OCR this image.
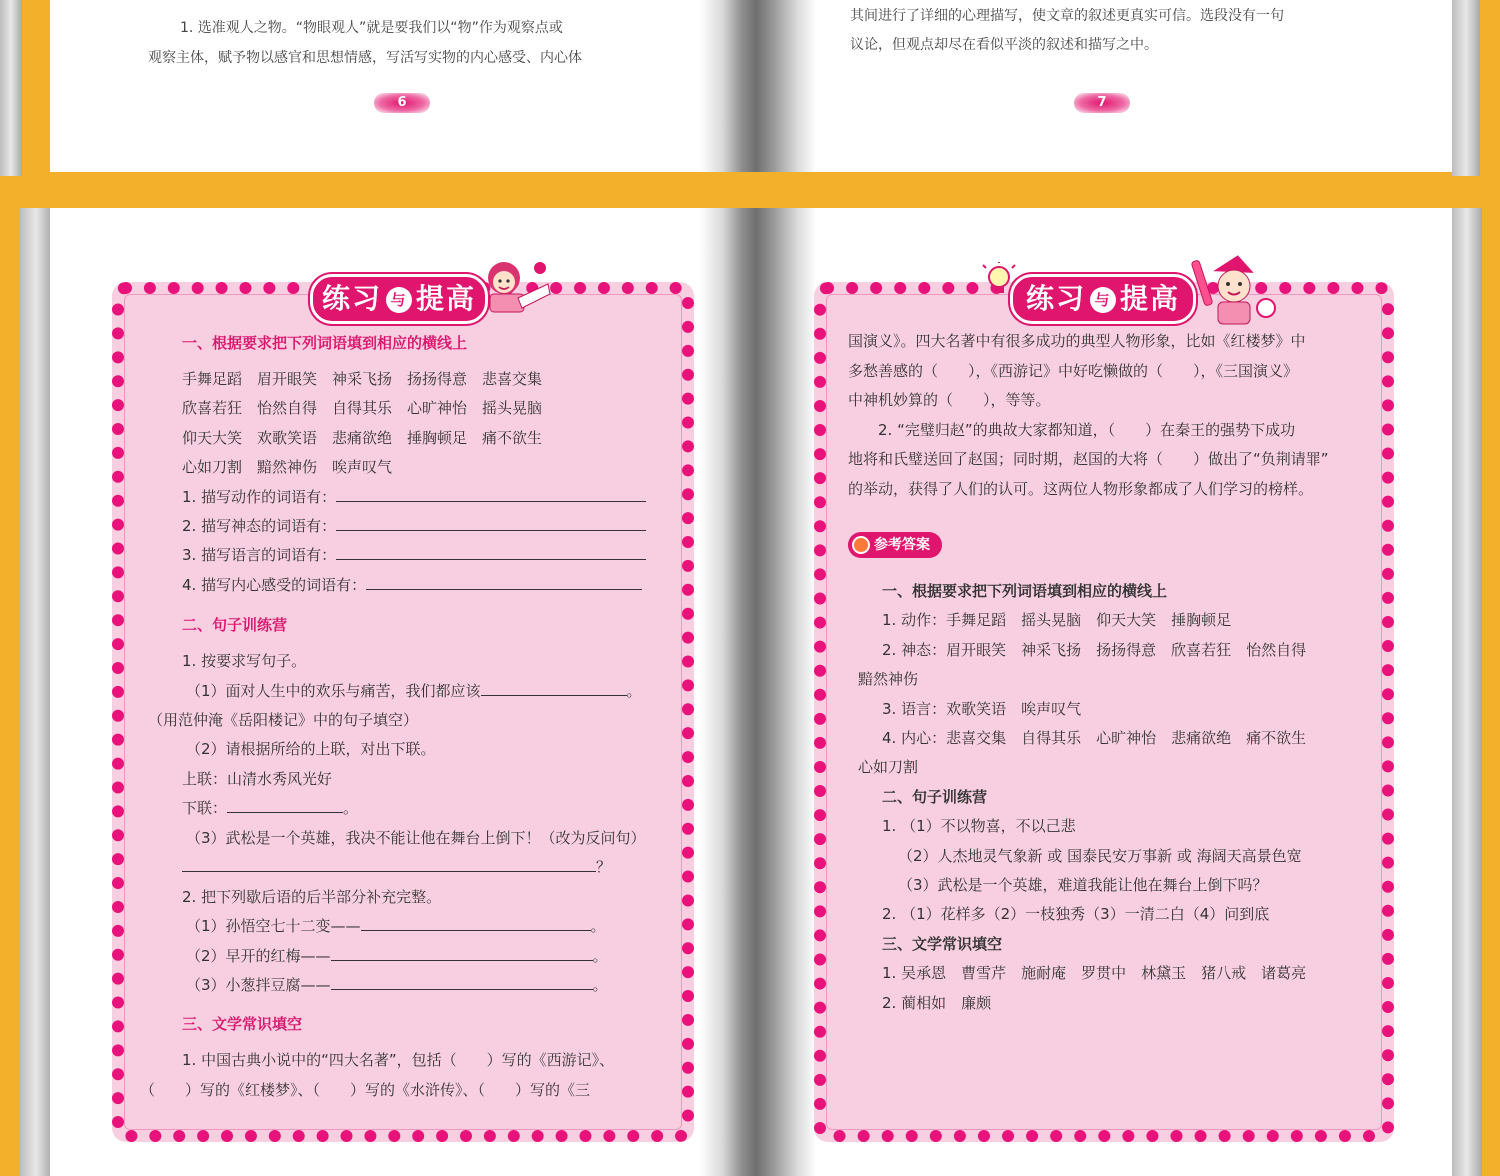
1. 选准观人之物。“物眼观人”就是要我们以“物”作为观察点或
观察主体，赋予物以感官和思想情感，写活写实物的内心感受、内心体
6
其间进行了详细的心理描写，使文章的叙述更真实可信。选段没有一句
议论，但观点却尽在看似平淡的叙述和描写之中。
7
练习 与 提高
一、根据要求把下列词语填到相应的横线上
手舞足蹈　眉开眼笑　神采飞扬　扬扬得意　悲喜交集
欣喜若狂　怡然自得　自得其乐　心旷神怡　摇头晃脑
仰天大笑　欢歌笑语　悲痛欲绝　捶胸顿足　痛不欲生
心如刀割　黯然神伤　唉声叹气
1. 描写动作的词语有：
2. 描写神态的词语有：
3. 描写语言的词语有：
4. 描写内心感受的词语有：
二、句子训练营
1. 按要求写句子。
（1）面对人生中的欢乐与痛苦，我们都应该	。
（用范仲淹《岳阳楼记》中的句子填空）
（2）请根据所给的上联，对出下联。
上联：山清水秀风光好
下联：	。
（3）武松是一个英雄，我决不能让他在舞台上倒下！（改为反问句）
？
2. 把下列歇后语的后半部分补充完整。
（1）孙悟空七十二变——	。
（2）早开的红梅——	。
（3）小葱拌豆腐——	。
三、文学常识填空
1. 中国古典小说中的“四大名著”，包括（　　）写的《西游记》、
（　　）写的《红楼梦》、（　　）写的《水浒传》、（　　）写的《三
练习 与 提高
国演义》。四大名著中有很多成功的典型人物形象，比如《红楼梦》中
多愁善感的（　　），《西游记》中好吃懒做的（　　），《三国演义》
中神机妙算的（　　），等等。
　　2. “完璧归赵”的典故大家都知道，（　　）在秦王的强势下成功
地将和氏璧送回了赵国；同时期，赵国的大将（　　）做出了“负荆请罪”
的举动，获得了人们的认可。这两位人物形象都成了人们学习的榜样。
参考答案
一、根据要求把下列词语填到相应的横线上
1. 动作：手舞足蹈　摇头晃脑　仰天大笑　捶胸顿足
2. 神态：眉开眼笑　神采飞扬　扬扬得意　欣喜若狂　怡然自得
黯然神伤
3. 语言：欢歌笑语　唉声叹气
4. 内心：悲喜交集　自得其乐　心旷神怡　悲痛欲绝　痛不欲生
心如刀割
二、句子训练营
1. （1）不以物喜，不以己悲
（2）人杰地灵气象新 或 国泰民安万事新 或 海阔天高景色宽
（3）武松是一个英雄，难道我能让他在舞台上倒下吗？
2. （1）花样多（2）一枝独秀（3）一清二白（4）问到底
三、文学常识填空
1. 吴承恩　曹雪芹　施耐庵　罗贯中　林黛玉　猪八戒　诸葛亮
2. 蔺相如　廉颇
